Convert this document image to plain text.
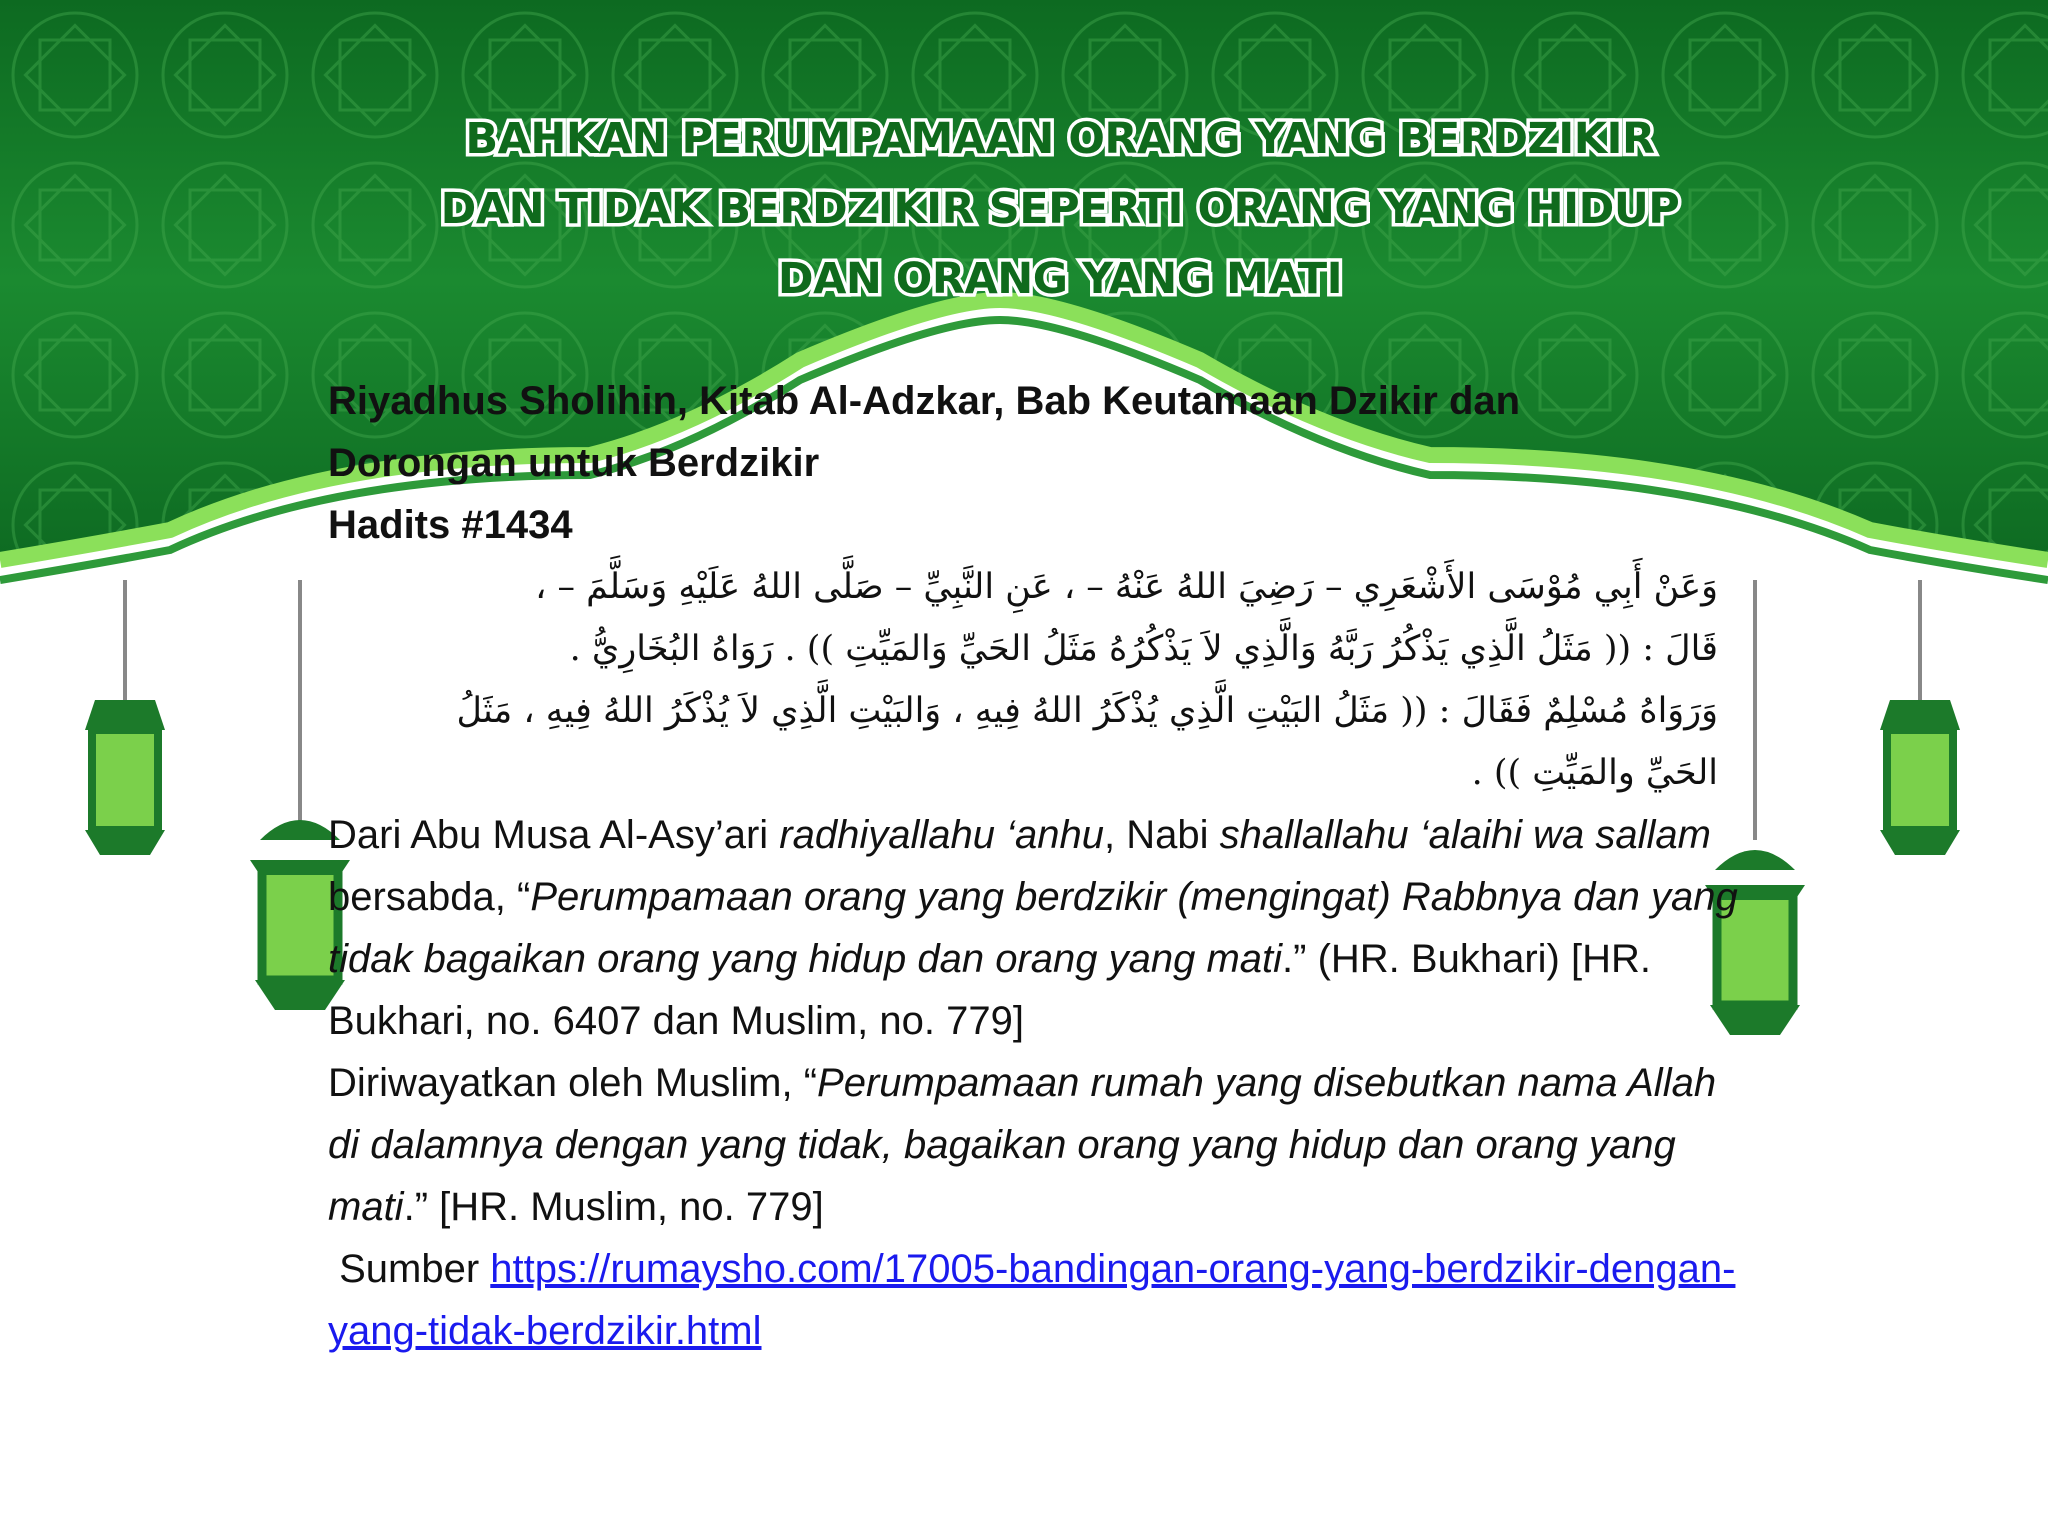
BAHKAN PERUMPAMAAN ORANG YANG BERDZIKIR
DAN TIDAK BERDZIKIR SEPERTI ORANG YANG HIDUP
DAN ORANG YANG MATI

Riyadhus Sholihin, Kitab Al-Adzkar, Bab Keutamaan Dzikir dan

Dorongan untuk Berdzikir

Hadits #1434

وَعَنْ أَبِي مُوْسَى الأَشْعَرِي – رَضِيَ اللهُ عَنْهُ – ، عَنِ النَّبِيِّ – صَلَّى اللهُ عَلَيْهِ وَسَلَّمَ – ،
قَالَ : (( مَثَلُ الَّذِي يَذْكُرُ رَبَّهُ وَالَّذِي لاَ يَذْكُرُهُ مَثَلُ الحَيِّ وَالمَيِّتِ )) . رَوَاهُ البُخَارِيُّ .
وَرَوَاهُ مُسْلِمٌ فَقَالَ : (( مَثَلُ البَيْتِ الَّذِي يُذْكَرُ اللهُ فِيهِ ، وَالبَيْتِ الَّذِي لاَ يُذْكَرُ اللهُ فِيهِ ، مَثَلُ
الحَيِّ والمَيِّتِ )) .

Dari Abu Musa Al-Asy’ari radhiyallahu ‘anhu, Nabi shallallahu ‘alaihi wa sallam bersabda, “Perumpamaan orang yang berdzikir (mengingat) Rabbnya dan yang tidak bagaikan orang yang hidup dan orang yang mati.” (HR. Bukhari) [HR. Bukhari, no. 6407 dan Muslim, no. 779]

Diriwayatkan oleh Muslim, “Perumpamaan rumah yang disebutkan nama Allah di dalamnya dengan yang tidak, bagaikan orang yang hidup dan orang yang mati.” [HR. Muslim, no. 779]

Sumber https://rumaysho.com/17005-bandingan-orang-yang-berdzikir-dengan-yang-tidak-berdzikir.html
